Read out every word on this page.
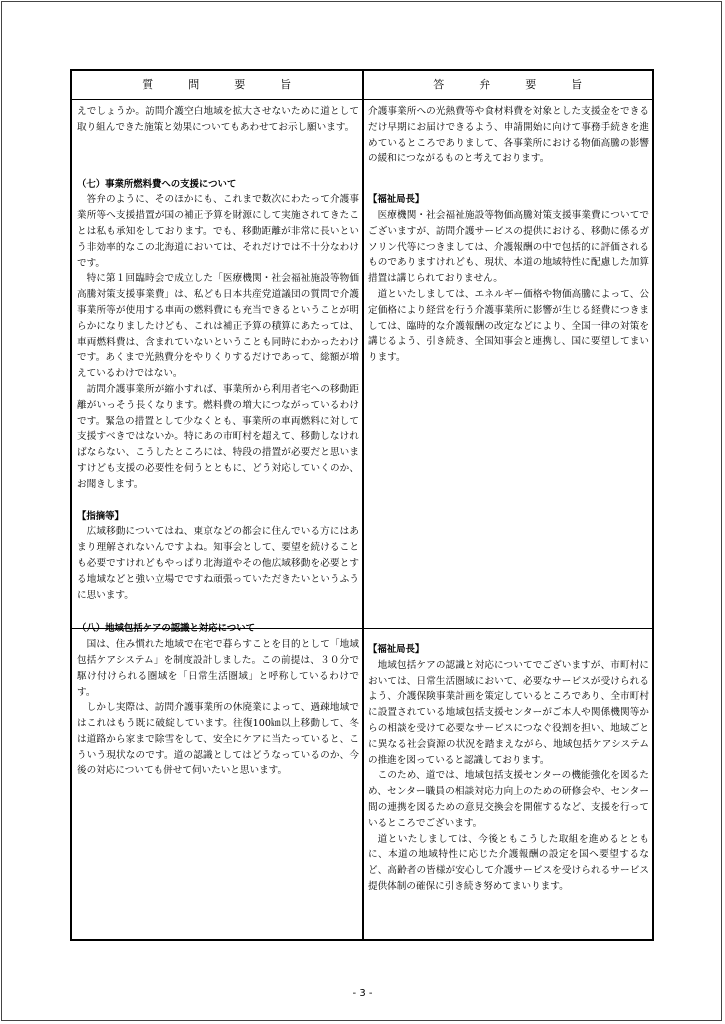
質　　　問　　　要　　　旨	答　　　弁　　　要　　　旨

えでしょうか。訪問介護空白地域を拡大させないために道として取り組んできた施策と効果についてもあわせてお示し願います。

（七）事業所燃料費への支援について

答弁のように、そのほかにも、これまで数次にわたって介護事業所等へ支援措置が国の補正予算を財源にして実施されてきたことは私も承知をしております。でも、移動距離が非常に長いという非効率的なこの北海道においては、それだけでは不十分なわけです。

特に第１回臨時会で成立した「医療機関・社会福祉施設等物価高騰対策支援事業費」は、私ども日本共産党道議団の質問で介護事業所等が使用する車両の燃料費にも充当できるということが明らかになりましたけども、これは補正予算の積算にあたっては、車両燃料費は、含まれていないということも同時にわかったわけです。あくまで光熱費分をやりくりするだけであって、総額が増えているわけではない。

訪問介護事業所が縮小すれば、事業所から利用者宅への移動距離がいっそう長くなります。燃料費の増大につながっているわけです。緊急の措置として少なくとも、事業所の車両燃料に対して支援すべきではないか。特にあの市町村を超えて、移動しなければならない、こうしたところには、特段の措置が必要だと思いますけども支援の必要性を伺うとともに、どう対応していくのか、お聞きします。

【指摘等】

広域移動についてはね、東京などの都会に住んでいる方にはあまり理解されないんですよね。知事会として、要望を続けることも必要ですけれどもやっぱり北海道やその他広域移動を必要とする地域などと強い立場でですね頑張っていただきたいというふうに思います。

（八）地域包括ケアの認識と対応について

国は、住み慣れた地域で在宅で暮らすことを目的として「地域包括ケアシステム」を制度設計しました。この前提は、３０分で駆け付けられる圏域を「日常生活圏域」と呼称しているわけです。

しかし実際は、訪問介護事業所の休廃業によって、過疎地域ではこれはもう既に破綻しています。往復100㎞以上移動して、冬は道路から家まで除雪をして、安全にケアに当たっていると、こういう現状なのです。道の認識としてはどうなっているのか、今後の対応についても併せて伺いたいと思います。

介護事業所への光熱費等や食材料費を対象とした支援金をできるだけ早期にお届けできるよう、申請開始に向けて事務手続きを進めているところでありまして、各事業所における物価高騰の影響の緩和につながるものと考えております。

【福祉局長】

医療機関・社会福祉施設等物価高騰対策支援事業費についてでございますが、訪問介護サービスの提供における、移動に係るガソリン代等につきましては、介護報酬の中で包括的に評価されるものでありますけれども、現状、本道の地域特性に配慮した加算措置は講じられておりません。

道といたしましては、エネルギー価格や物価高騰によって、公定価格により経営を行う介護事業所に影響が生じる経費につきましては、臨時的な介護報酬の改定などにより、全国一律の対策を講じるよう、引き続き、全国知事会と連携し、国に要望してまいります。

【福祉局長】

地域包括ケアの認識と対応についてでございますが、市町村においては、日常生活圏域において、必要なサービスが受けられるよう、介護保険事業計画を策定しているところであり、全市町村に設置されている地域包括支援センターがご本人や関係機関等からの相談を受けて必要なサービスにつなぐ役割を担い、地域ごとに異なる社会資源の状況を踏まえながら、地域包括ケアシステムの推進を図っていると認識しております。

このため、道では、地域包括支援センターの機能強化を図るため、センター職員の相談対応力向上のための研修会や、センター間の連携を図るための意見交換会を開催するなど、支援を行っているところでございます。

道といたしましては、今後ともこうした取組を進めるとともに、本道の地域特性に応じた介護報酬の設定を国へ要望するなど、高齢者の皆様が安心して介護サービスを受けられるサービス提供体制の確保に引き続き努めてまいります。

- 3 -
